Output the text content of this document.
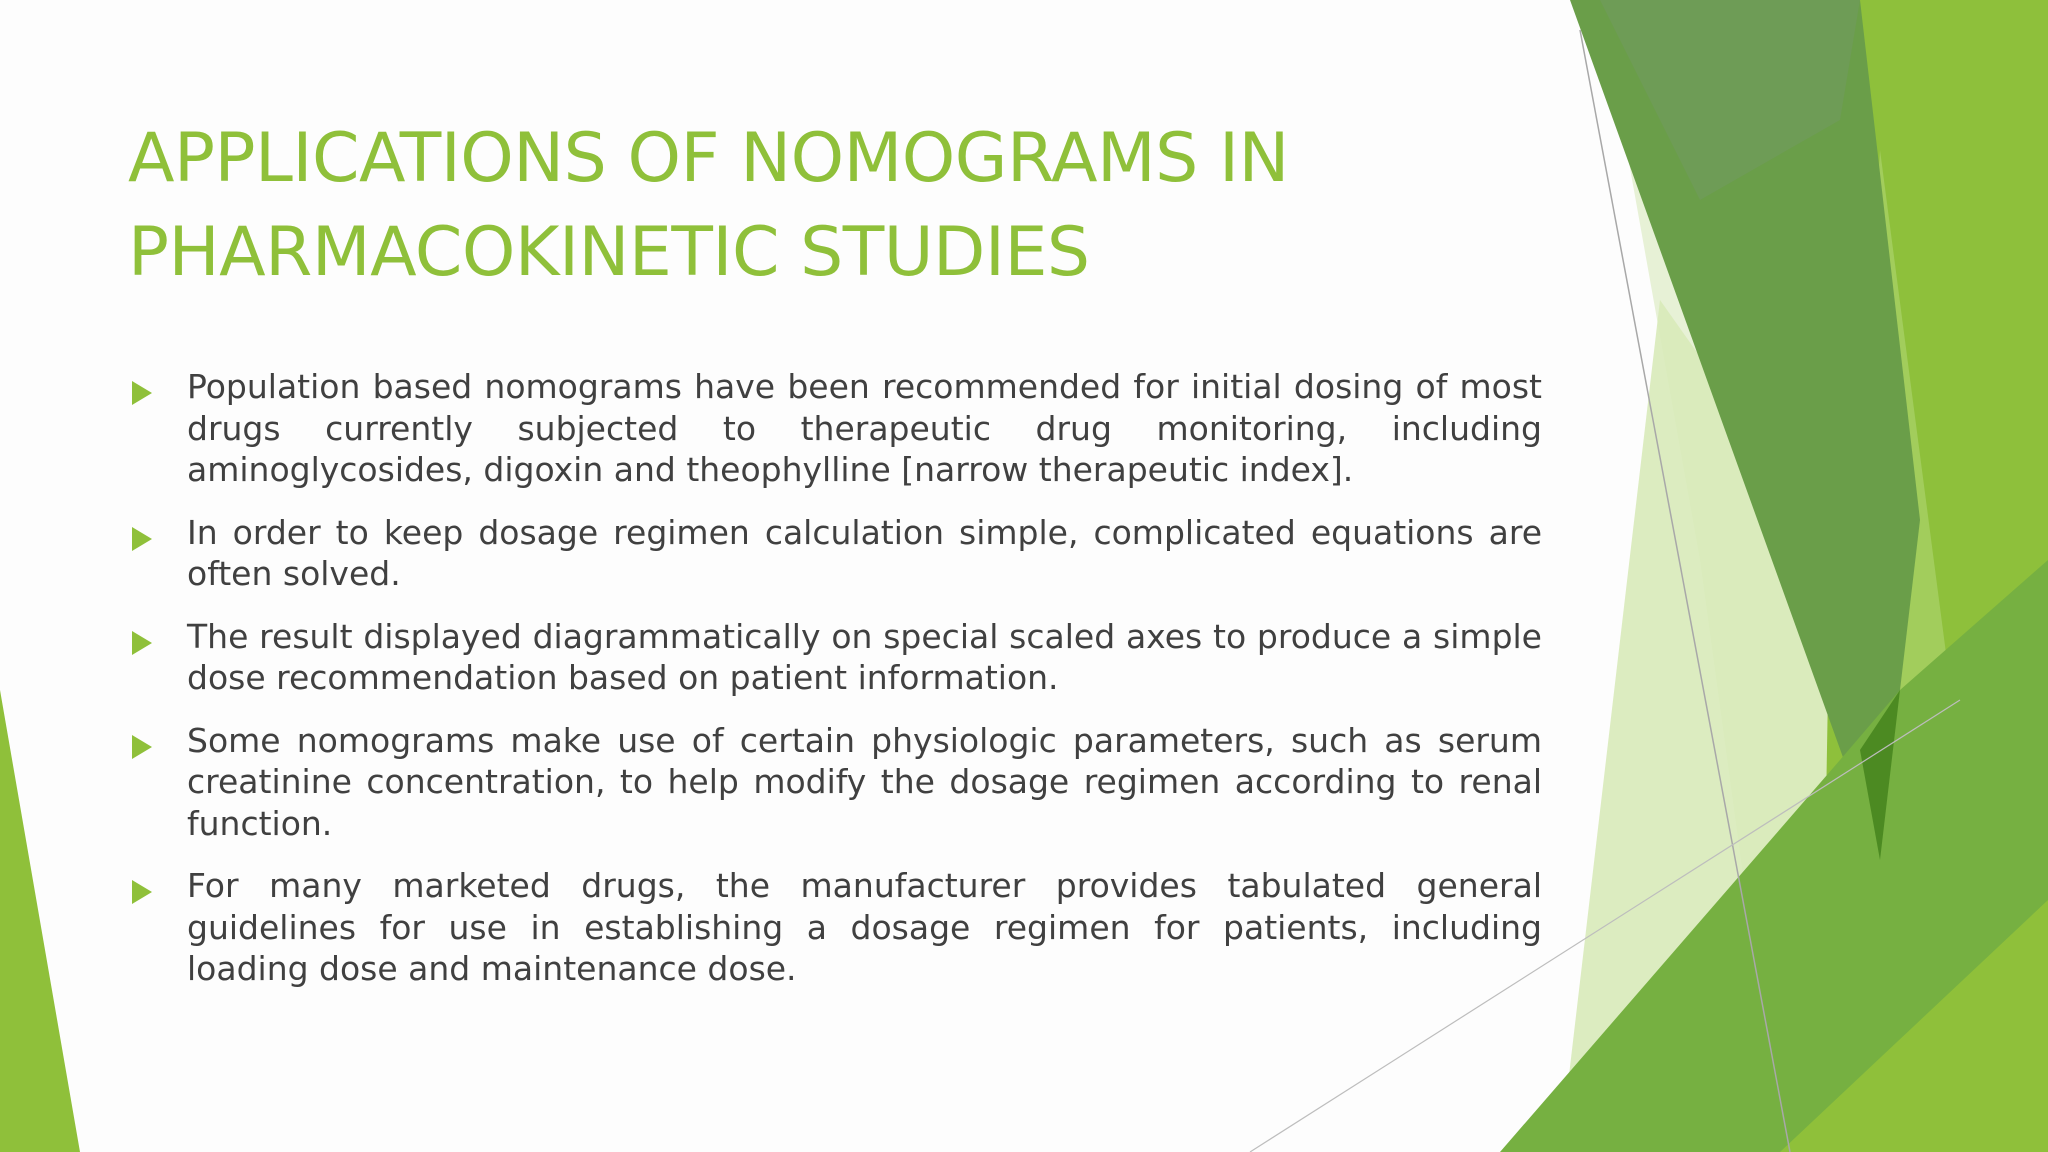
APPLICATIONS OF NOMOGRAMS IN
PHARMACOKINETIC STUDIES
Population based nomograms have been recommended for initial dosing of most drugs currently subjected to therapeutic drug monitoring, including aminoglycosides, digoxin and theophylline [narrow therapeutic index].
In order to keep dosage regimen calculation simple, complicated equations are often solved.
The result displayed diagrammatically on special scaled axes to produce a simple dose recommendation based on patient information.
Some nomograms make use of certain physiologic parameters, such as serum creatinine concentration, to help modify the dosage regimen according to renal function.
For many marketed drugs, the manufacturer provides tabulated general guidelines for use in establishing a dosage regimen for patients, including loading dose and maintenance dose.
